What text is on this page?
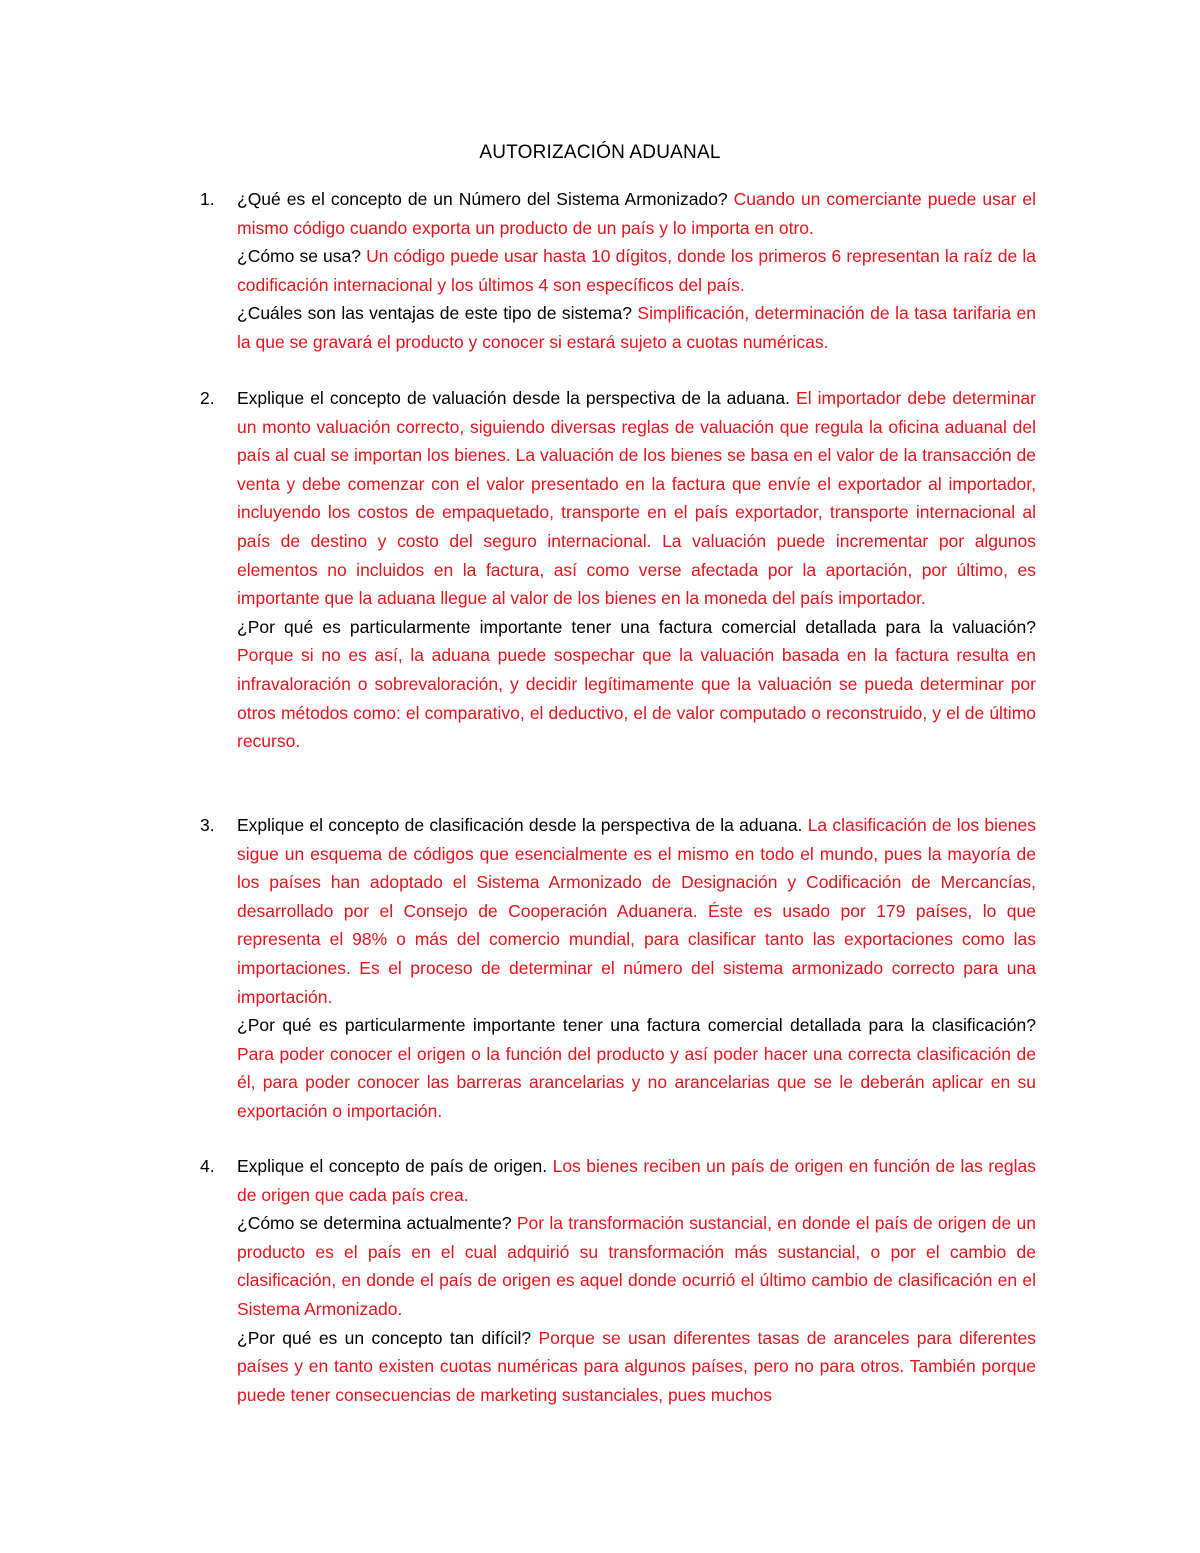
AUTORIZACIÓN ADUANAL
1.	¿Qué es el concepto de un Número del Sistema Armonizado? Cuando un comerciante puede usar el mismo código cuando exporta un producto de un país y lo importa en otro.

¿Cómo se usa? Un código puede usar hasta 10 dígitos, donde los primeros 6 representan la raíz de la codificación internacional y los últimos 4 son específicos del país.

¿Cuáles son las ventajas de este tipo de sistema? Simplificación, determinación de la tasa tarifaria en la que se gravará el producto y conocer si estará sujeto a cuotas numéricas.

2.	Explique el concepto de valuación desde la perspectiva de la aduana. El importador debe determinar un monto valuación correcto, siguiendo diversas reglas de valuación que regula la oficina aduanal del país al cual se importan los bienes. La valuación de los bienes se basa en el valor de la transacción de venta y debe comenzar con el valor presentado en la factura que envíe el exportador al importador, incluyendo los costos de empaquetado, transporte en el país exportador, transporte internacional al país de destino y costo del seguro internacional. La valuación puede incrementar por algunos elementos no incluidos en la factura, así como verse afectada por la aportación, por último, es importante que la aduana llegue al valor de los bienes en la moneda del país importador.

¿Por qué es particularmente importante tener una factura comercial detallada para la valuación? Porque si no es así, la aduana puede sospechar que la valuación basada en la factura resulta en infravaloración o sobrevaloración, y decidir legítimamente que la valuación se pueda determinar por otros métodos como: el comparativo, el deductivo, el de valor computado o reconstruido, y el de último recurso.

3.	Explique el concepto de clasificación desde la perspectiva de la aduana. La clasificación de los bienes sigue un esquema de códigos que esencialmente es el mismo en todo el mundo, pues la mayoría de los países han adoptado el Sistema Armonizado de Designación y Codificación de Mercancías, desarrollado por el Consejo de Cooperación Aduanera. Éste es usado por 179 países, lo que representa el 98% o más del comercio mundial, para clasificar tanto las exportaciones como las importaciones. Es el proceso de determinar el número del sistema armonizado correcto para una importación.

¿Por qué es particularmente importante tener una factura comercial detallada para la clasificación? Para poder conocer el origen o la función del producto y así poder hacer una correcta clasificación de él, para poder conocer las barreras arancelarias y no arancelarias que se le deberán aplicar en su exportación o importación.

4.	Explique el concepto de país de origen. Los bienes reciben un país de origen en función de las reglas de origen que cada país crea.

¿Cómo se determina actualmente? Por la transformación sustancial, en donde el país de origen de un producto es el país en el cual adquirió su transformación más sustancial, o por el cambio de clasificación, en donde el país de origen es aquel donde ocurrió el último cambio de clasificación en el Sistema Armonizado.

¿Por qué es un concepto tan difícil? Porque se usan diferentes tasas de aranceles para diferentes países y en tanto existen cuotas numéricas para algunos países, pero no para otros. También porque puede tener consecuencias de marketing sustanciales, pues muchos
